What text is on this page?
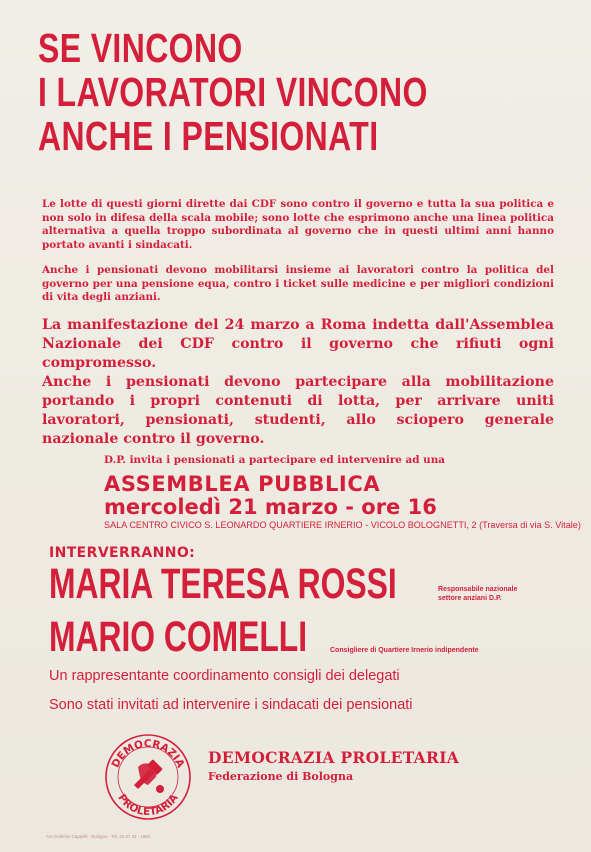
SE VINCONO
I LAVORATORI VINCONO
ANCHE I PENSIONATI
Le lotte di questi giorni dirette dai CDF sono contro il governo e tutta la sua politica e non solo in difesa della scala mobile; sono lotte che esprimono anche una linea politica alternativa a quella troppo subordinata al governo che in questi ultimi anni hanno portato avanti i sindacati.
Anche i pensionati devono mobilitarsi insieme ai lavoratori contro la politica del governo per una pensione equa, contro i ticket sulle medicine e per migliori condizioni di vita degli anziani.
La manifestazione del 24 marzo a Roma indetta dall'Assemblea Nazionale dei CDF contro il governo che rifiuti ogni compromesso.
Anche i pensionati devono partecipare alla mobilitazione portando i propri contenuti di lotta, per arrivare uniti lavoratori, pensionati, studenti, allo sciopero generale nazionale contro il governo.
D.P. invita i pensionati a partecipare ed intervenire ad una
ASSEMBLEA PUBBLICA
mercoledì 21 marzo - ore 16
SALA CENTRO CIVICO S. LEONARDO QUARTIERE IRNERIO - VICOLO BOLOGNETTI, 2 (Traversa di via S. Vitale)
INTERVERRANNO:
MARIA TERESA ROSSI	Responsabile nazionale
settore anziani D.P.
MARIO COMELLI	Consigliere di Quartiere Irnerio indipendente
Un rappresentante coordinamento consigli dei delegati
Sono stati invitati ad intervenire i sindacati dei pensionati
DEMOCRAZIA
PROLETARIA
DEMOCRAZIA PROLETARIA
Federazione di Bologna
Arti Grafiche Cappelli - Bologna - Tel. 32 67 34 - 1984
